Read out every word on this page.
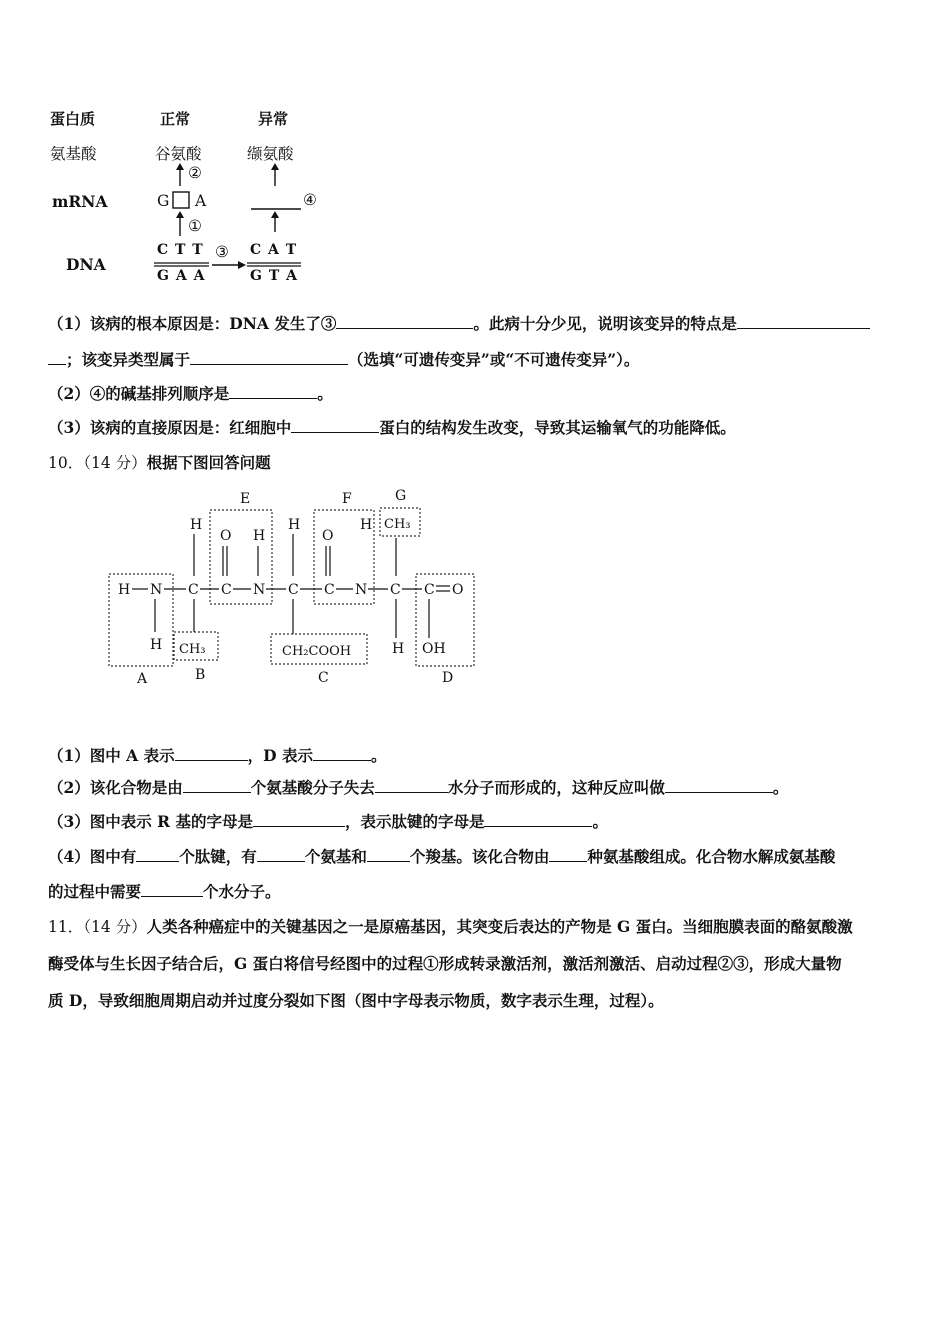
蛋白质	正常	异常
氨基酸	谷氨酸	缬氨酸
②
mRNA	G A	④
①
DNA
C T T
G A A
③ C A T
G T A
（1）该病的根本原因是：DNA 发生了③	。此病十分少见，说明该变异的特点是
；该变异类型属于	（选填“可遗传变异”或“不可遗传变异”）。
（2）④的碱基排列顺序是	。
（3）该病的直接原因是：红细胞中	蛋白的结构发生改变，导致其运输氧气的功能降低。
10．（14 分）根据下图回答问题
E	F	G
A	B	C	D
H N
H
C
H
C
O
N
H
C
H
C
O
N
H
C
H
C O
OH
CH₃	CH₂COOH
CH₃
（1）图中 A 表示	，D 表示	。
（2）该化合物是由	个氨基酸分子失去	水分子而形成的，这种反应叫做	。
（3）图中表示 R 基的字母是	，表示肽键的字母是	。
（4）图中有	个肽键，有	个氨基和	个羧基。该化合物由 种氨基酸组成。化合物水解成氨基酸
的过程中需要	个水分子。
11．（14 分）人类各种癌症中的关键基因之一是原癌基因，其突变后表达的产物是 G 蛋白。当细胞膜表面的酪氨酸激
酶受体与生长因子结合后，G 蛋白将信号经图中的过程①形成转录激活剂，激活剂激活、启动过程②③，形成大量物
质 D，导致细胞周期启动并过度分裂如下图（图中字母表示物质，数字表示生理，过程）。
